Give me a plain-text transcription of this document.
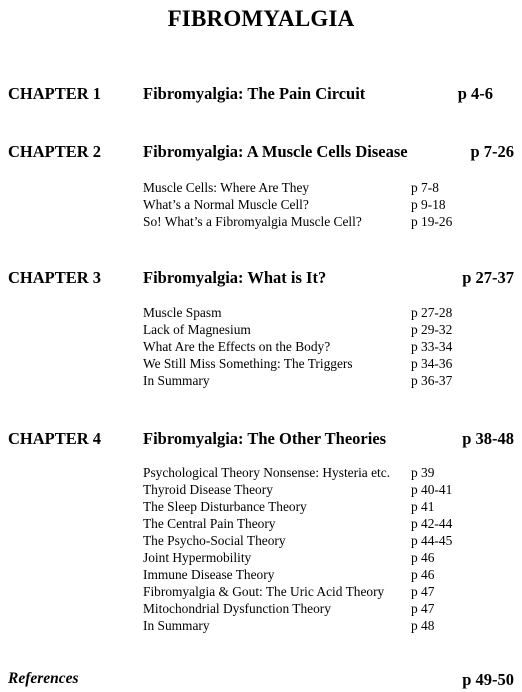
FIBROMYALGIA
CHAPTER 1	Fibromyalgia: The Pain Circuit	p 4-6
CHAPTER 2	Fibromyalgia: A Muscle Cells Disease	p 7-26
Muscle Cells: Where Are They	p 7-8
What’s a Normal Muscle Cell?	p 9-18
So! What’s a Fibromyalgia Muscle Cell?	p 19-26
CHAPTER 3	Fibromyalgia: What is It?	p 27-37
Muscle Spasm	p 27-28
Lack of Magnesium	p 29-32
What Are the Effects on the Body?	p 33-34
We Still Miss Something: The Triggers	p 34-36
In Summary	p 36-37
CHAPTER 4	Fibromyalgia: The Other Theories	p 38-48
Psychological Theory Nonsense: Hysteria etc. p 39
Thyroid Disease Theory	p 40-41
The Sleep Disturbance Theory	p 41
The Central Pain Theory	p 42-44
The Psycho-Social Theory	p 44-45
Joint Hypermobility	p 46
Immune Disease Theory	p 46
Fibromyalgia & Gout: The Uric Acid Theory p 47
Mitochondrial Dysfunction Theory	p 47
In Summary	p 48
References	p 49-50
